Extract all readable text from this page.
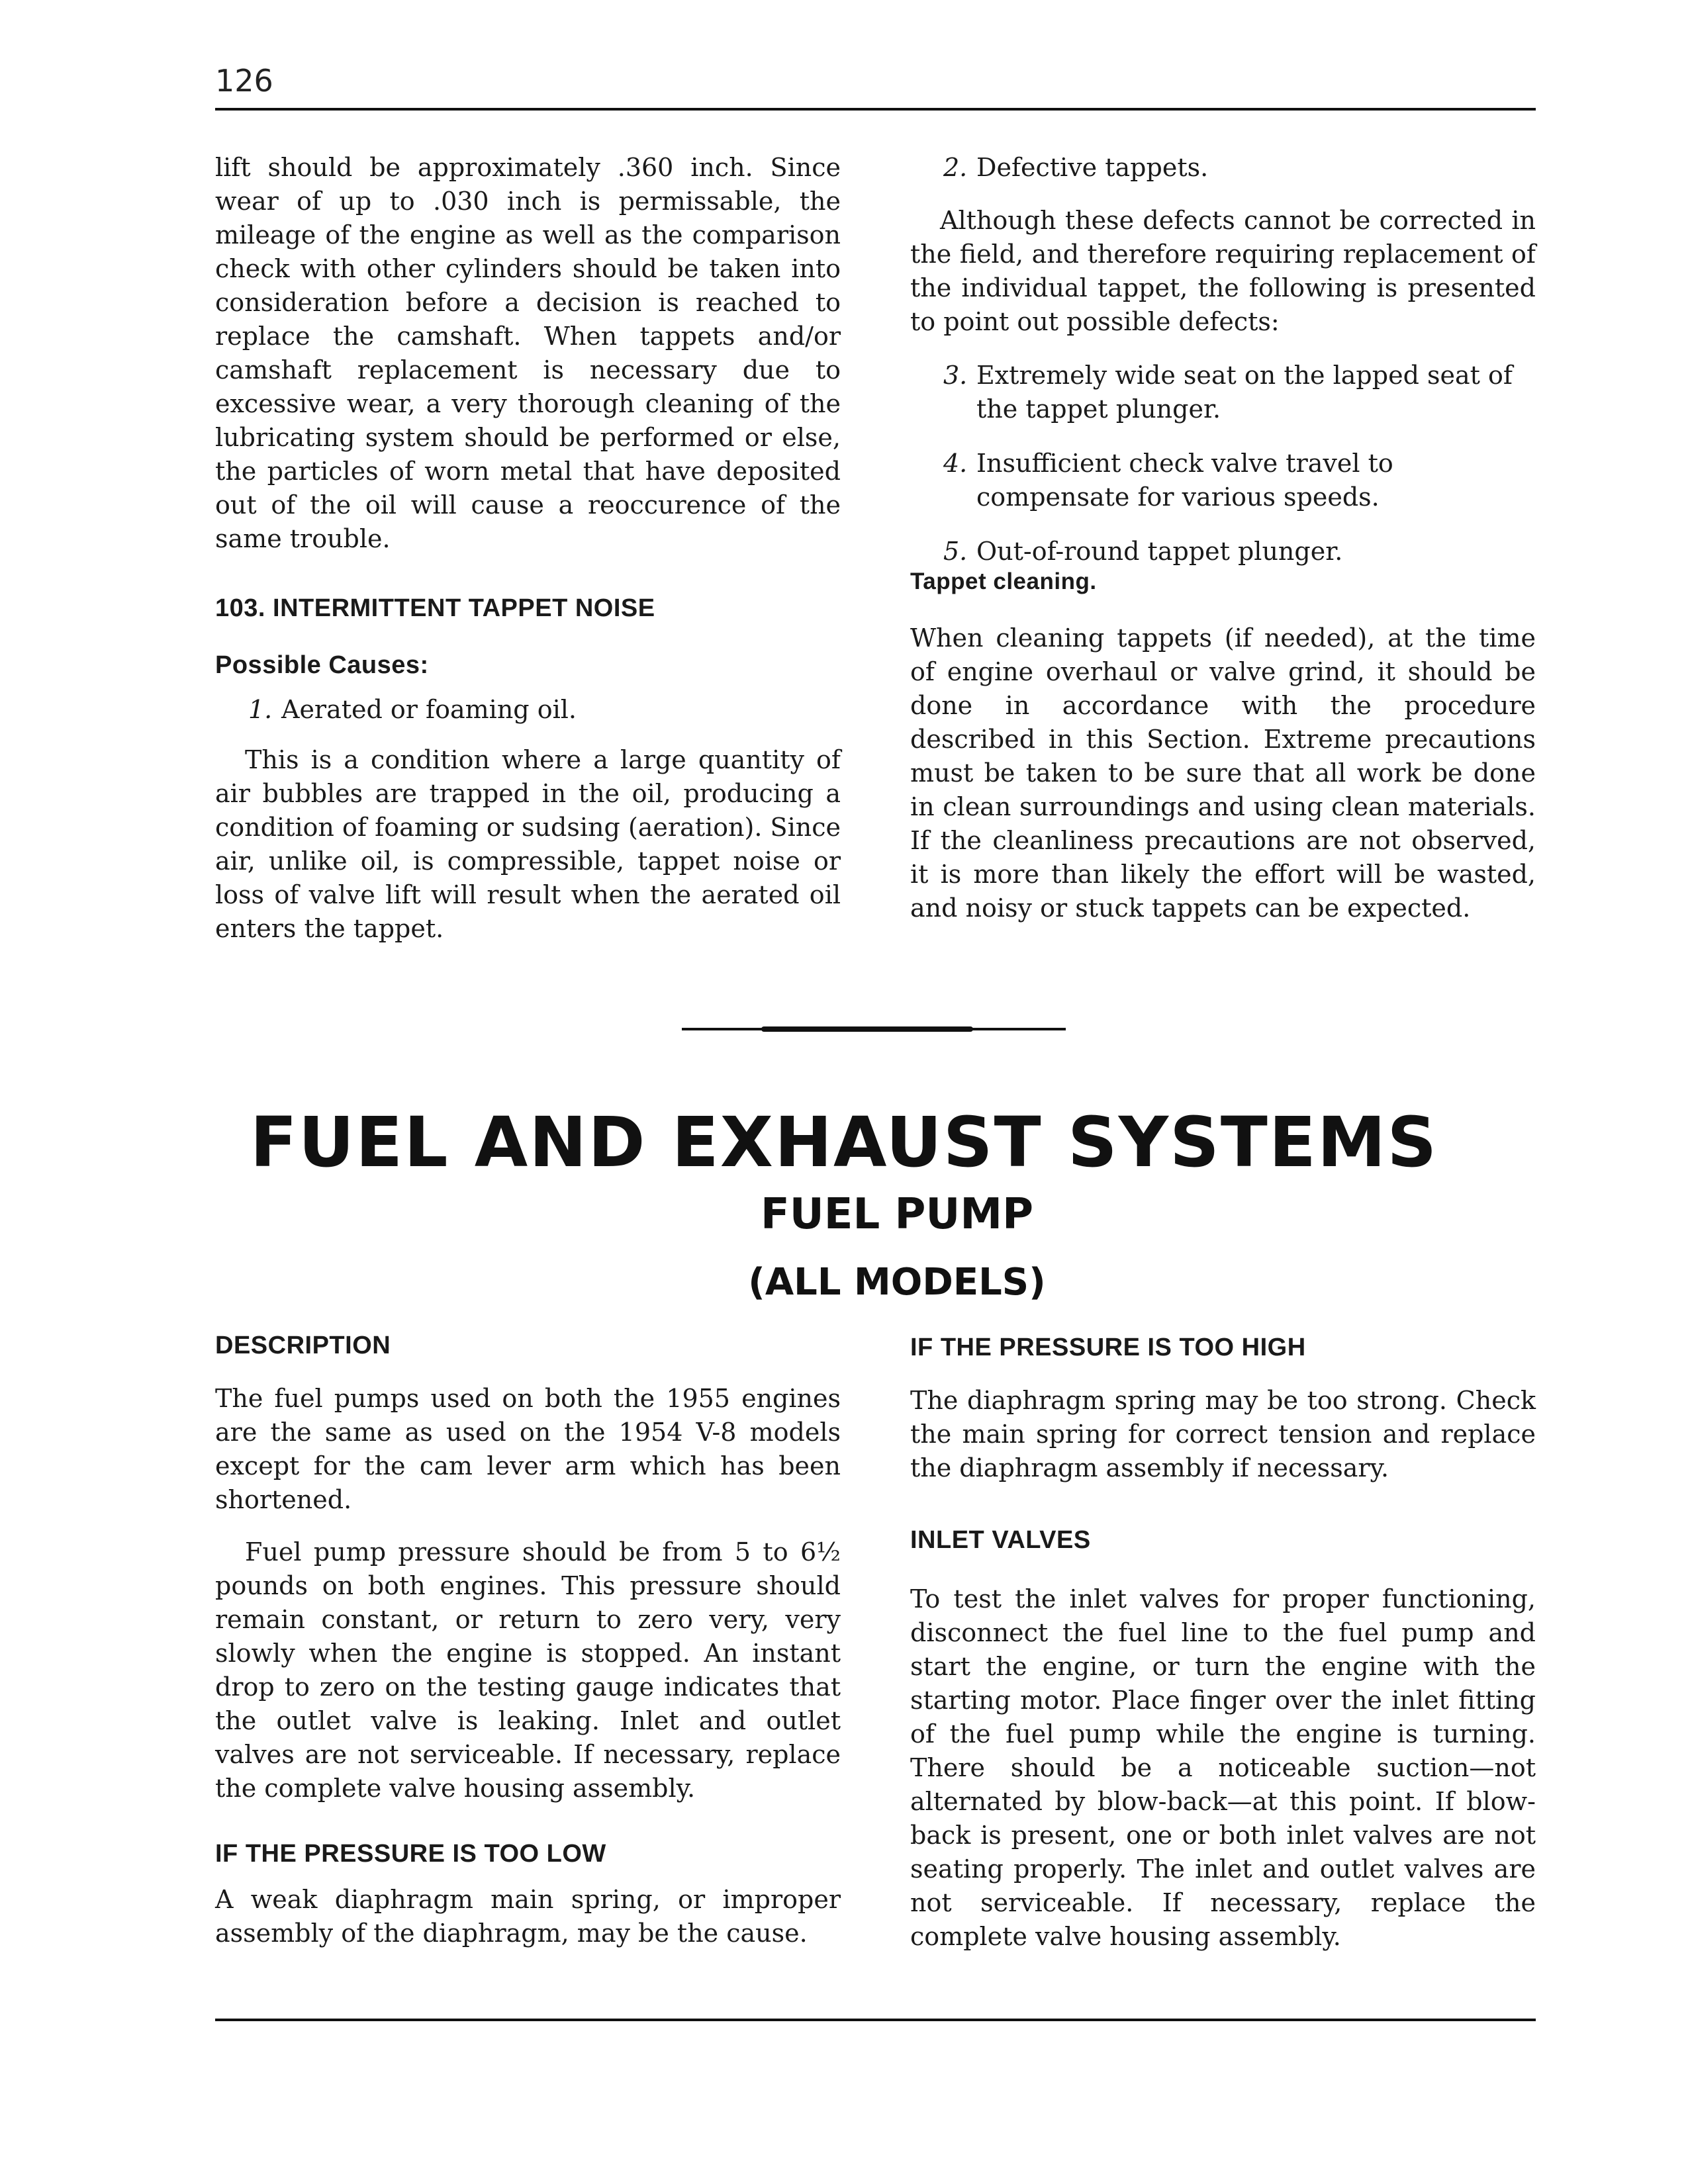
126

lift should be approximately .360 inch. Since wear of up to .030 inch is permissable, the mileage of the engine as well as the comparison check with other cylinders should be taken into consideration before a decision is reached to replace the camshaft. When tappets and/or camshaft replacement is necessary due to excessive wear, a very thorough cleaning of the lubricating system should be performed or else, the particles of worn metal that have deposited out of the oil will cause a reoccurence of the same trouble.

103. INTERMITTENT TAPPET NOISE

Possible Causes:

1. Aerated or foaming oil.

This is a condition where a large quantity of air bubbles are trapped in the oil, producing a condition of foaming or sudsing (aeration). Since air, unlike oil, is compressible, tappet noise or loss of valve lift will result when the aerated oil enters the tappet.

2. Defective tappets.

Although these defects cannot be corrected in the field, and therefore requiring replacement of the individual tappet, the following is presented to point out possible defects:

3. Extremely wide seat on the lapped seat of the tappet plunger.

4. Insufficient check valve travel to compensate for various speeds.

5. Out-of-round tappet plunger.

Tappet cleaning.

When cleaning tappets (if needed), at the time of engine overhaul or valve grind, it should be done in accordance with the procedure described in this Section. Extreme precautions must be taken to be sure that all work be done in clean surroundings and using clean materials. If the cleanliness precautions are not observed, it is more than likely the effort will be wasted, and noisy or stuck tappets can be expected.

FUEL AND EXHAUST SYSTEMS
FUEL PUMP
(ALL MODELS)

DESCRIPTION

The fuel pumps used on both the 1955 engines are the same as used on the 1954 V-8 models except for the cam lever arm which has been shortened.

Fuel pump pressure should be from 5 to 6½ pounds on both engines. This pressure should remain constant, or return to zero very, very slowly when the engine is stopped. An instant drop to zero on the testing gauge indicates that the outlet valve is leaking. Inlet and outlet valves are not serviceable. If necessary, replace the complete valve housing assembly.

IF THE PRESSURE IS TOO LOW

A weak diaphragm main spring, or improper assembly of the diaphragm, may be the cause.

IF THE PRESSURE IS TOO HIGH

The diaphragm spring may be too strong. Check the main spring for correct tension and replace the diaphragm assembly if necessary.

INLET VALVES

To test the inlet valves for proper functioning, disconnect the fuel line to the fuel pump and start the engine, or turn the engine with the starting motor. Place finger over the inlet fitting of the fuel pump while the engine is turning. There should be a noticeable suction—not alternated by blow-back—at this point. If blow-back is present, one or both inlet valves are not seating properly. The inlet and outlet valves are not serviceable. If necessary, replace the complete valve housing assembly.
